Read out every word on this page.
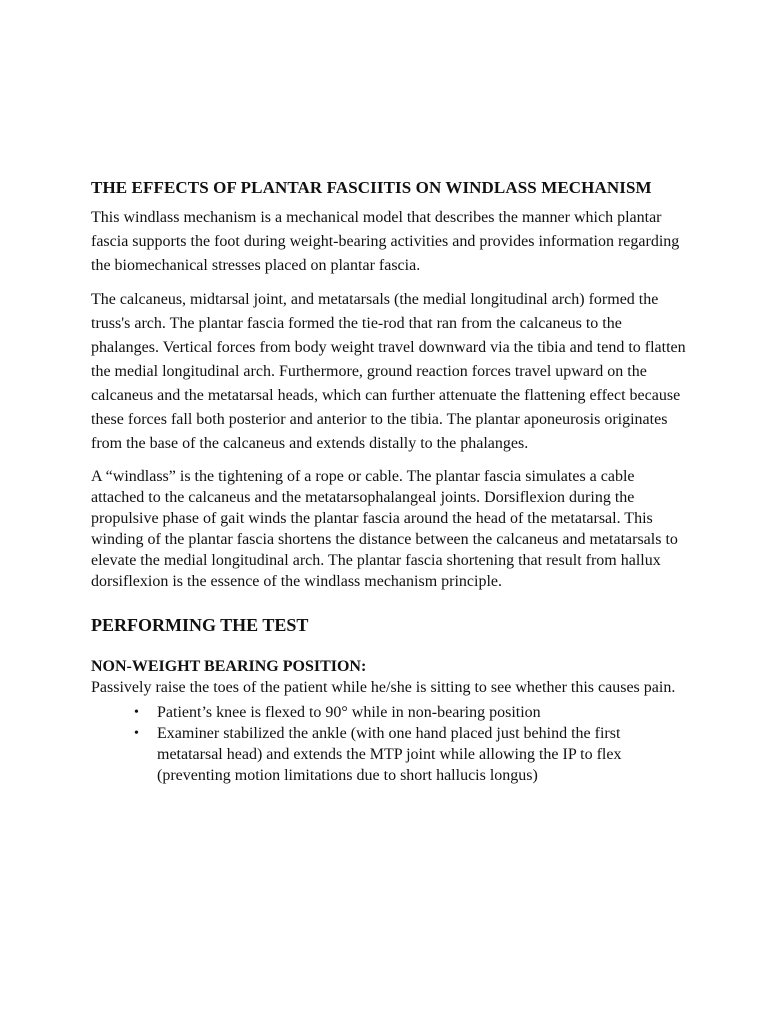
THE EFFECTS OF PLANTAR FASCIITIS ON WINDLASS MECHANISM

This windlass mechanism is a mechanical model that describes the manner which plantar fascia supports the foot during weight-bearing activities and provides information regarding the biomechanical stresses placed on plantar fascia.

The calcaneus, midtarsal joint, and metatarsals (the medial longitudinal arch) formed the truss's arch. The plantar fascia formed the tie-rod that ran from the calcaneus to the phalanges. Vertical forces from body weight travel downward via the tibia and tend to flatten the medial longitudinal arch. Furthermore, ground reaction forces travel upward on the calcaneus and the metatarsal heads, which can further attenuate the flattening effect because these forces fall both posterior and anterior to the tibia. The plantar aponeurosis originates from the base of the calcaneus and extends distally to the phalanges.

A “windlass” is the tightening of a rope or cable. The plantar fascia simulates a cable attached to the calcaneus and the metatarsophalangeal joints. Dorsiflexion during the propulsive phase of gait winds the plantar fascia around the head of the metatarsal. This winding of the plantar fascia shortens the distance between the calcaneus and metatarsals to elevate the medial longitudinal arch. The plantar fascia shortening that result from hallux dorsiflexion is the essence of the windlass mechanism principle.

PERFORMING THE TEST
NON-WEIGHT BEARING POSITION:

Passively raise the toes of the patient while he/she is sitting to see whether this causes pain.

• Patient’s knee is flexed to 90° while in non-bearing position
• Examiner stabilized the ankle (with one hand placed just behind the first metatarsal head) and extends the MTP joint while allowing the IP to flex (preventing motion limitations due to short hallucis longus)
